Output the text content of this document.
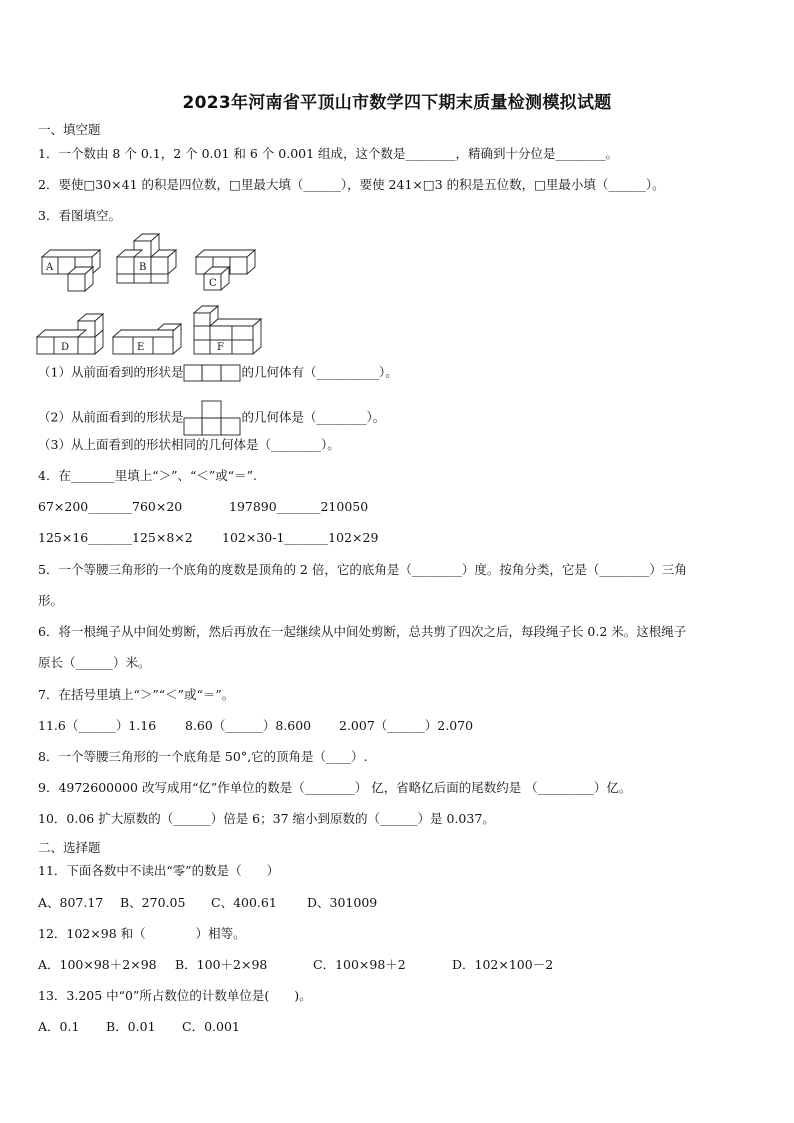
2023年河南省平顶山市数学四下期末质量检测模拟试题
一、填空题
1．一个数由 8 个 0.1，2 个 0.01 和 6 个 0.001 组成，这个数是________，精确到十分位是________。
2．要使□30×41 的积是四位数，□里最大填（______），要使 241×□3 的积是五位数，□里最小填（______）。
3．看图填空。
A	B
C
D	E	F
（1）从前面看到的形状是	的几何体有（__________）。
（2）从前面看到的形状是	的几何体是（________）。
（3）从上面看到的形状相同的几何体是（________）。
4．在_______里填上“＞”、“＜”或“＝”.
67×200_______760×20	197890_______210050
125×16_______125×8×2 102×30-1_______102×29
5．一个等腰三角形的一个底角的度数是顶角的 2 倍，它的底角是（________）度。按角分类，它是（________）三角
形。
6．将一根绳子从中间处剪断，然后再放在一起继续从中间处剪断，总共剪了四次之后，每段绳子长 0.2 米。这根绳子
原长（______）米。
7．在括号里填上“＞”“＜”或“＝”。
11.6（______）1.16 8.60（______）8.600 2.007（______）2.070
8．一个等腰三角形的一个底角是 50°,它的顶角是（____）.
9．4972600000 改写成用“亿”作单位的数是（________） 亿，省略亿后面的尾数约是 （_________）亿。
10．0.06 扩大原数的（______）倍是 6；37 缩小到原数的（______）是 0.037。
二、选择题
11．下面各数中不读出“零”的数是（　　）
A、807.17 B、270.05 C、400.61 D、301009
12．102×98 和（　　　　）相等。
A．100×98＋2×98 B．100＋2×98	C．100×98＋2	D．102×100－2
13．3.205 中“0”所占数位的计数单位是(　　)。
A．0.1 B．0.01 C．0.001
